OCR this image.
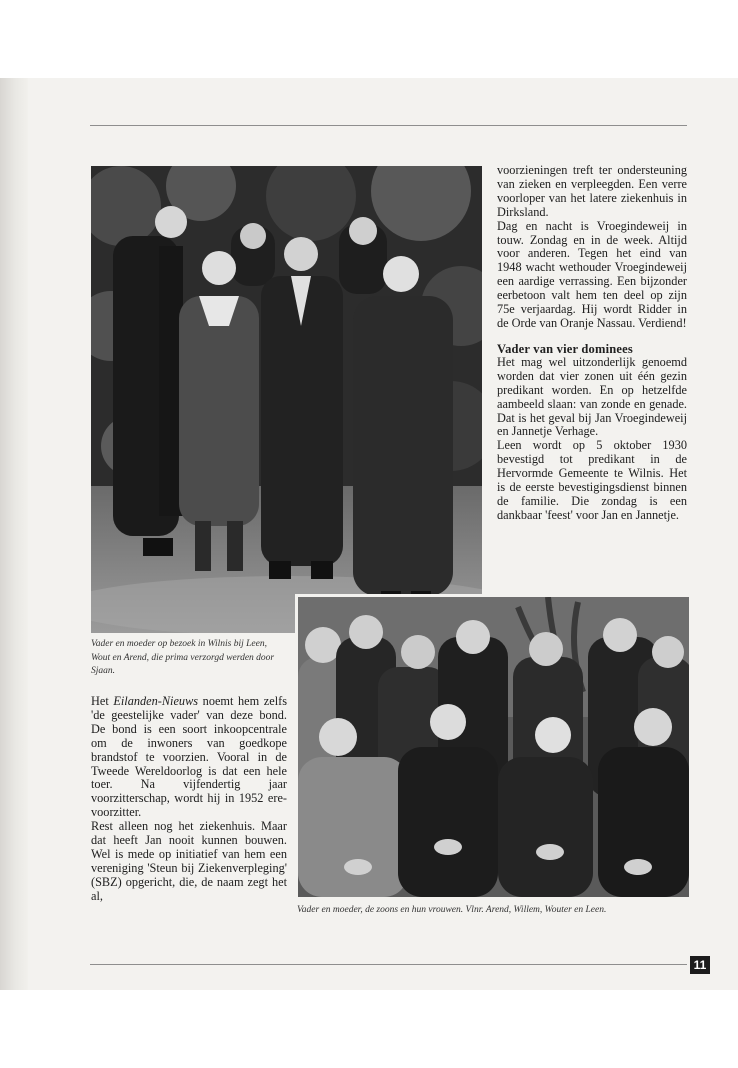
Vader en moeder op bezoek in Wilnis bij Leen, Wout en Arend, die prima verzorgd werden door Sjaan.

voorzieningen treft ter ondersteuning van zieken en verpleegden. Een verre voorloper van het latere ziekenhuis in Dirksland.

Dag en nacht is Vroegindeweij in touw. Zondag en in de week. Altijd voor anderen. Tegen het eind van 1948 wacht wethouder Vroegindeweij een aardige verrassing. Een bijzonder eerbetoon valt hem ten deel op zijn 75e verjaardag. Hij wordt Ridder in de Orde van Oranje Nassau. Verdiend!

Vader van vier dominees

Het mag wel uitzonderlijk genoemd worden dat vier zonen uit één gezin predikant worden. En op hetzelfde aambeeld slaan: van zonde en genade. Dat is het geval bij Jan Vroegindeweij en Jannetje Verhage.

Leen wordt op 5 oktober 1930 bevestigd tot predikant in de Hervormde Gemeente te Wilnis. Het is de eerste bevestigingsdienst binnen de familie. Die zondag is een dankbaar 'feest' voor Jan en Jannetje.

Het Eilanden-Nieuws noemt hem zelfs 'de geestelijke vader' van deze bond. De bond is een soort inkoopcentrale om de inwoners van goedkope brandstof te voorzien. Vooral in de Tweede Wereldoorlog is dat een hele toer. Na vijfendertig jaar voorzitterschap, wordt hij in 1952 ere-voorzitter.

Rest alleen nog het ziekenhuis. Maar dat heeft Jan nooit kunnen bouwen. Wel is mede op initiatief van hem een vereniging 'Steun bij Ziekenverpleging' (SBZ) opgericht, die, de naam zegt het al,

Vader en moeder, de zoons en hun vrouwen. Vlnr. Arend, Willem, Wouter en Leen.
11
